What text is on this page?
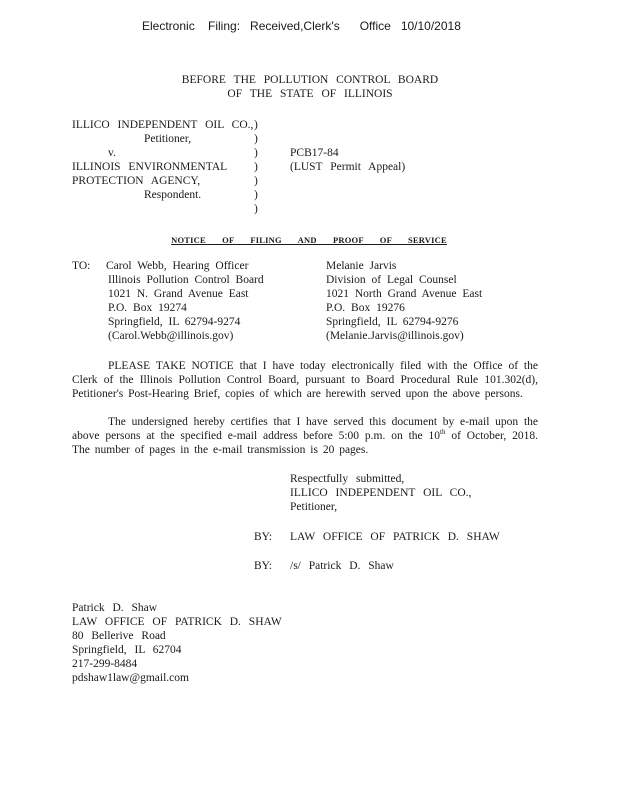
Electronic    Filing:   Received,Clerk's      Office   10/10/2018
BEFORE THE POLLUTION CONTROL BOARD
OF THE STATE OF ILLINOIS
ILLICO INDEPENDENT OIL CO.,
Petitioner,
v.
ILLINOIS ENVIRONMENTAL
PROTECTION AGENCY,
Respondent.
)
)
)
)
)
)
)
PCB17-84
(LUST Permit Appeal)
NOTICE OF FILING AND PROOF OF SERVICE
TO: Carol Webb, Hearing Officer
Illinois Pollution Control Board
1021 N. Grand Avenue East
P.O. Box 19274
Springfield, IL 62794-9274
(Carol.Webb@illinois.gov)
Melanie Jarvis
Division of Legal Counsel
1021 North Grand Avenue East
P.O. Box 19276
Springfield, IL 62794-9276
(Melanie.Jarvis@illinois.gov)
PLEASE TAKE NOTICE that I have today electronically filed with the Office of the Clerk of the Illinois Pollution Control Board, pursuant to Board Procedural Rule 101.302(d), Petitioner's Post-Hearing Brief, copies of which are herewith served upon the above persons.
The undersigned hereby certifies that I have served this document by e-mail upon the above persons at the specified e-mail address before 5:00 p.m. on the 10th of October, 2018. The number of pages in the e-mail transmission is 20 pages.
Respectfully submitted,
ILLICO INDEPENDENT OIL CO.,
Petitioner,
BY: LAW OFFICE OF PATRICK D. SHAW
BY: /s/ Patrick D. Shaw
Patrick D. Shaw
LAW OFFICE OF PATRICK D. SHAW
80 Bellerive Road
Springfield, IL 62704
217-299-8484
pdshaw1law@gmail.com
